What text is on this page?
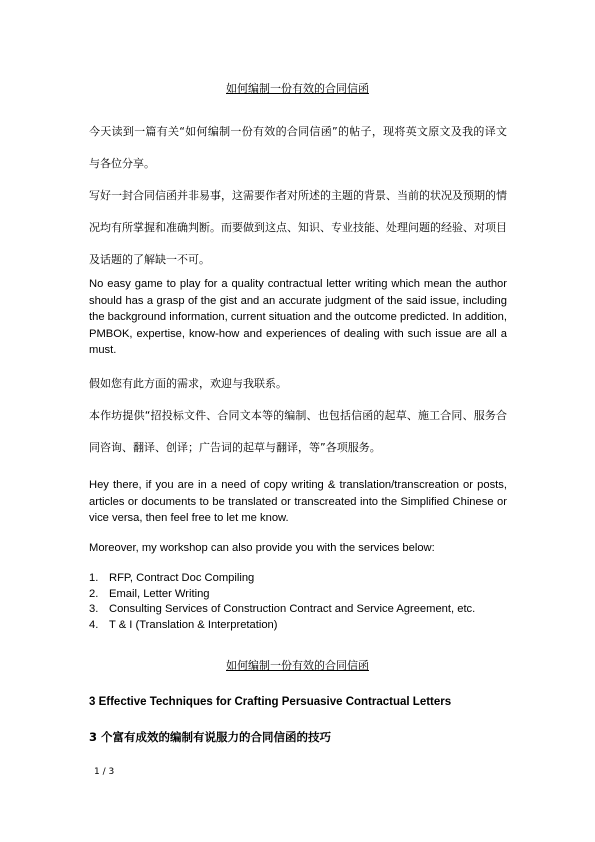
如何编制一份有效的合同信函
今天读到一篇有关“如何编制一份有效的合同信函”的帖子，现将英文原文及我的译文与各位分享。
写好一封合同信函并非易事，这需要作者对所述的主题的背景、当前的状况及预期的情况均有所掌握和准确判断。而要做到这点、知识、专业技能、处理问题的经验、对项目及话题的了解缺一不可。
No easy game to play for a quality contractual letter writing which mean the author should has a grasp of the gist and an accurate judgment of the said issue, including the background information, current situation and the outcome predicted. In addition, PMBOK, expertise, know-how and experiences of dealing with such issue are all a must.
假如您有此方面的需求，欢迎与我联系。
本作坊提供“招投标文件、合同文本等的编制、也包括信函的起草、施工合同、服务合同咨询、翻译、创译；广告词的起草与翻译，等”各项服务。
Hey there, if you are in a need of copy writing & translation/transcreation or posts, articles or documents to be translated or transcreated into the Simplified Chinese or vice versa, then feel free to let me know.
Moreover, my workshop can also provide you with the services below:
1. RFP, Contract Doc Compiling
2. Email, Letter Writing
3. Consulting Services of Construction Contract and Service Agreement, etc.
4. T & I (Translation & Interpretation)
如何编制一份有效的合同信函
3 Effective Techniques for Crafting Persuasive Contractual Letters
3 个富有成效的编制有说服力的合同信函的技巧
1 / 3
